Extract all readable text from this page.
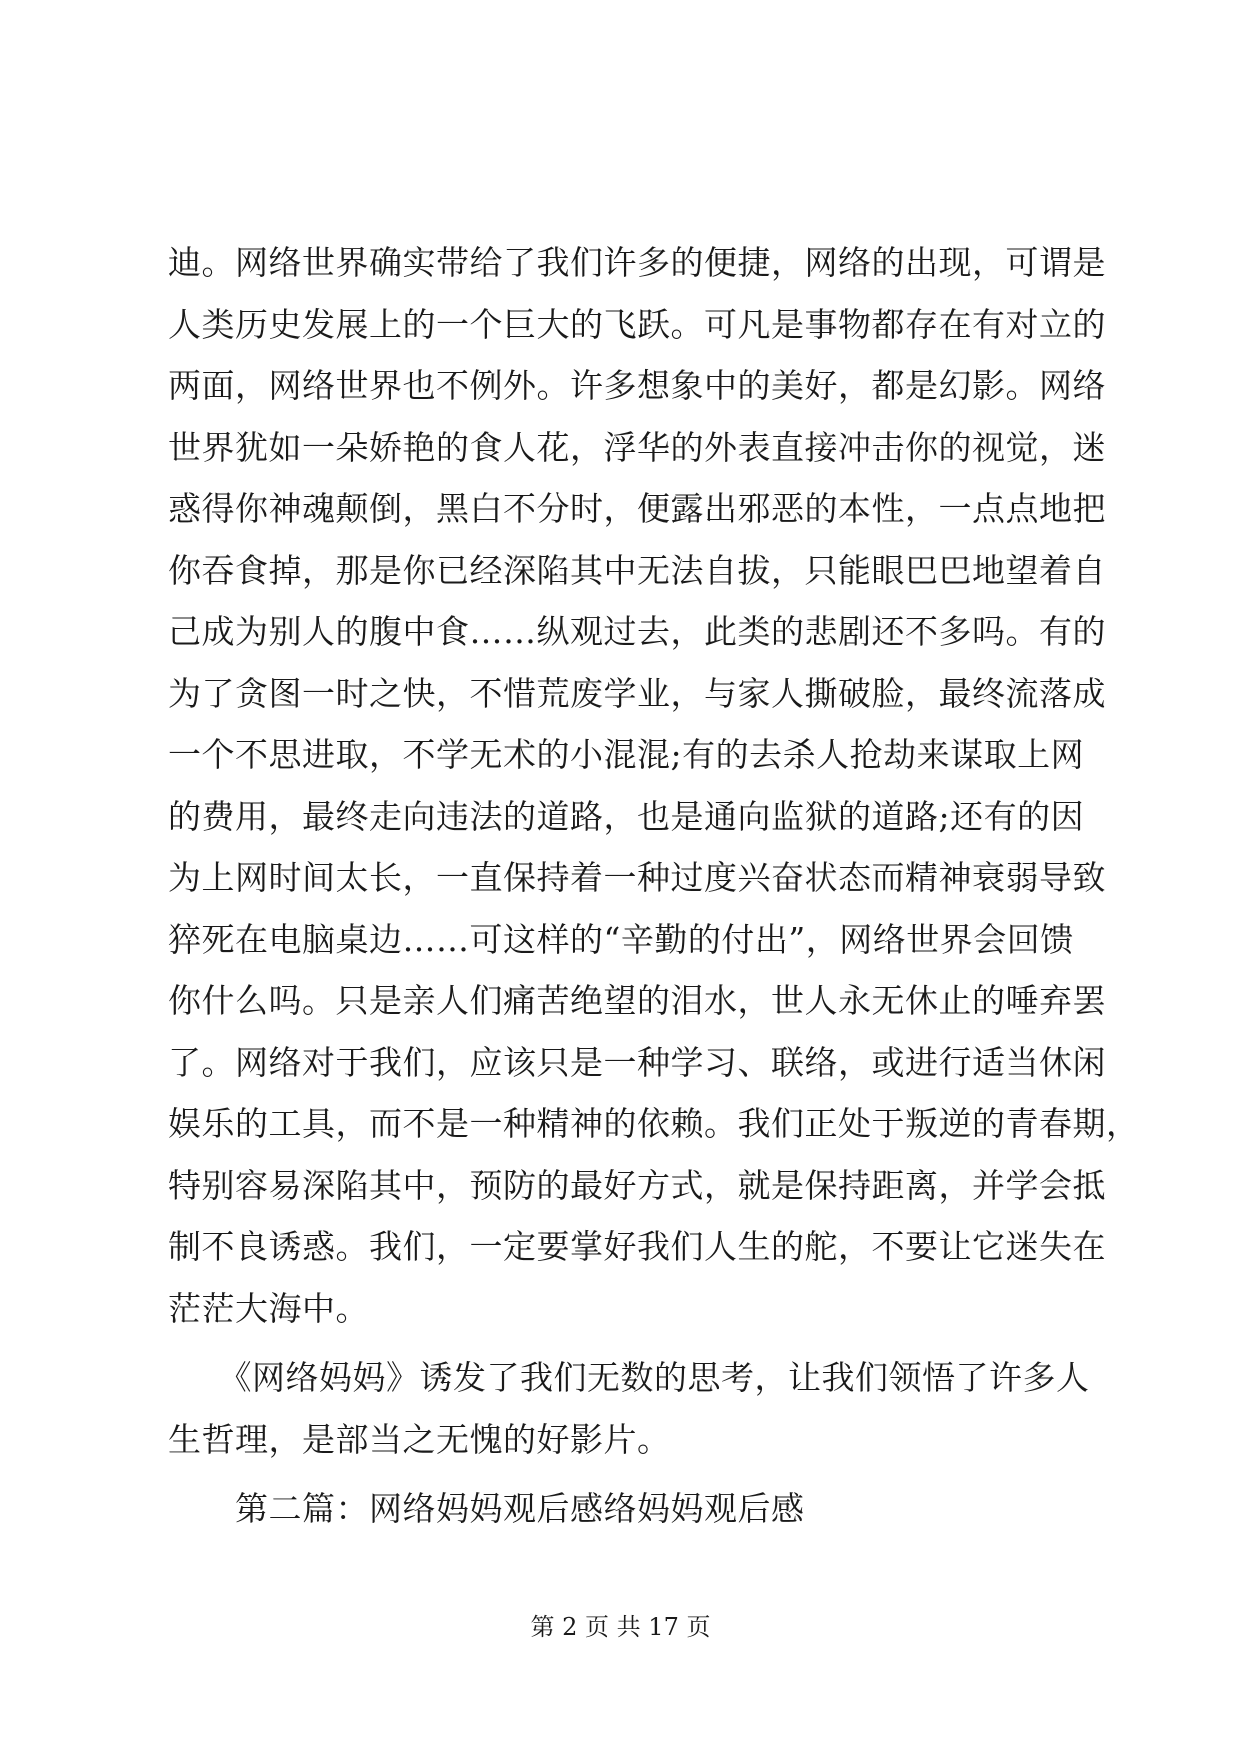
迪。网络世界确实带给了我们许多的便捷，网络的出现，可谓是
人类历史发展上的一个巨大的飞跃。可凡是事物都存在有对立的
两面，网络世界也不例外。许多想象中的美好，都是幻影。网络
世界犹如一朵娇艳的食人花，浮华的外表直接冲击你的视觉，迷
惑得你神魂颠倒，黑白不分时，便露出邪恶的本性，一点点地把
你吞食掉，那是你已经深陷其中无法自拔，只能眼巴巴地望着自
己成为别人的腹中食……纵观过去，此类的悲剧还不多吗。有的
为了贪图一时之快，不惜荒废学业，与家人撕破脸，最终流落成
一个不思进取，不学无术的小混混;有的去杀人抢劫来谋取上网
的费用，最终走向违法的道路，也是通向监狱的道路;还有的因
为上网时间太长，一直保持着一种过度兴奋状态而精神衰弱导致
猝死在电脑桌边……可这样的“辛勤的付出”，网络世界会回馈
你什么吗。只是亲人们痛苦绝望的泪水，世人永无休止的唾弃罢
了。网络对于我们，应该只是一种学习、联络，或进行适当休闲
娱乐的工具，而不是一种精神的依赖。我们正处于叛逆的青春期，
特别容易深陷其中，预防的最好方式，就是保持距离，并学会抵
制不良诱惑。我们，一定要掌好我们人生的舵，不要让它迷失在
茫茫大海中。
　　《网络妈妈》诱发了我们无数的思考，让我们领悟了许多人
生哲理，是部当之无愧的好影片。
　　第二篇：网络妈妈观后感络妈妈观后感
第 2 页 共 17 页
